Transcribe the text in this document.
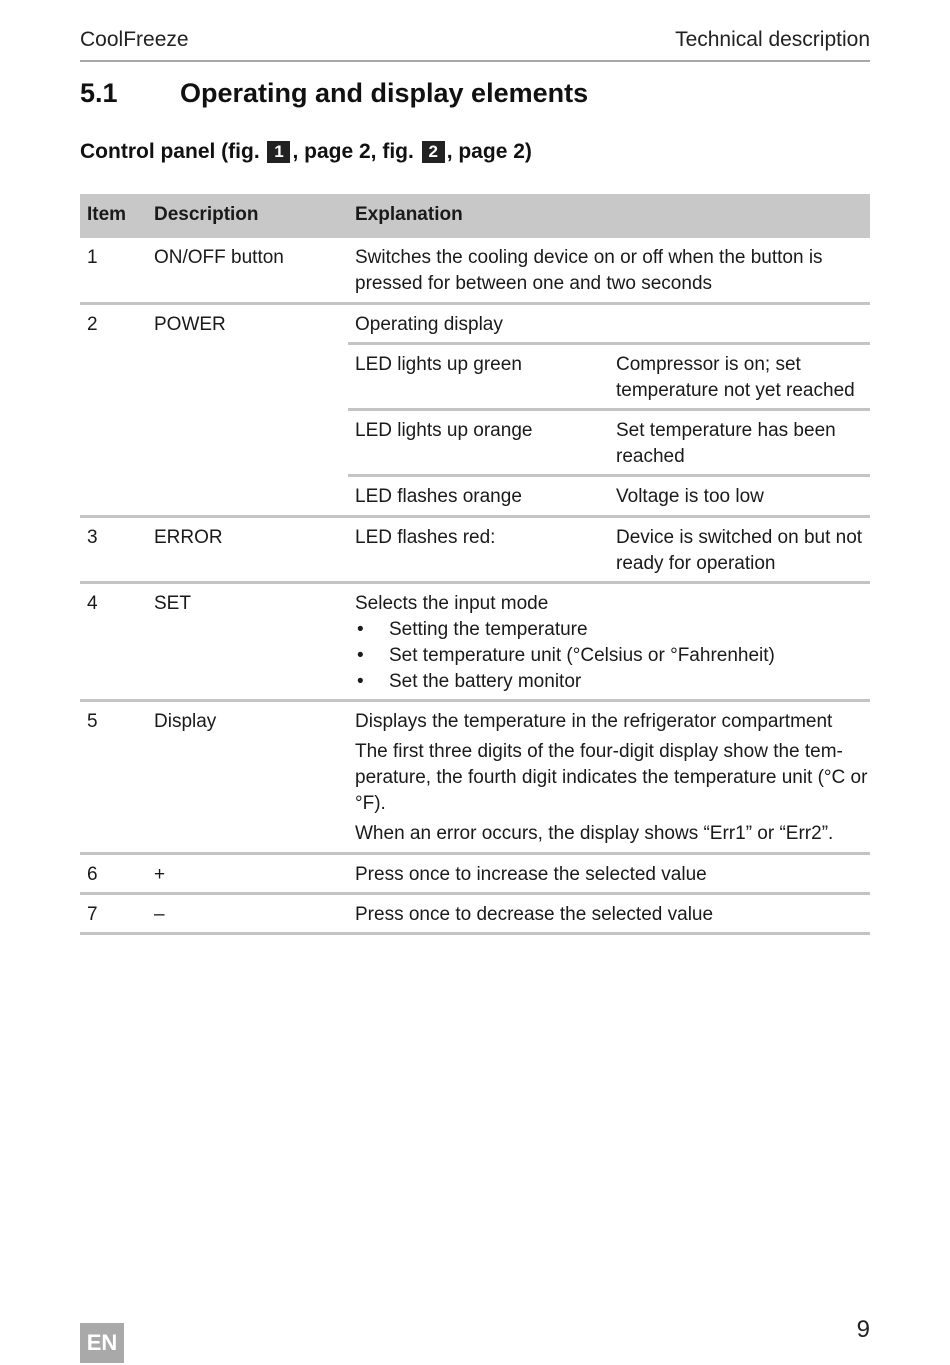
CoolFreeze	Technical description
5.1 Operating and display elements
Control panel (fig. 1 , page 2, fig. 2 , page 2)
Item Description	Explanation
1	ON/OFF button	Switches the cooling device on or off when the button is pressed for between one and two seconds
2	POWER	Operating display
LED lights up green	Compressor is on; set temperature not yet reached
LED lights up orange	Set temperature has been reached
LED flashes orange	Voltage is too low
3	ERROR	LED flashes red:	Device is switched on but not ready for operation
4	SET	Selects the input mode
• Setting the temperature
• Set temperature unit (°Celsius or °Fahrenheit)
• Set the battery monitor
5	Display	Displays the temperature in the refrigerator compartment

The first three digits of the four-digit display show the tem-perature, the fourth digit indicates the temperature unit (°C or °F).

When an error occurs, the display shows “Err1” or “Err2”.

6	+	Press once to increase the selected value
7	–	Press once to decrease the selected value
EN	9
